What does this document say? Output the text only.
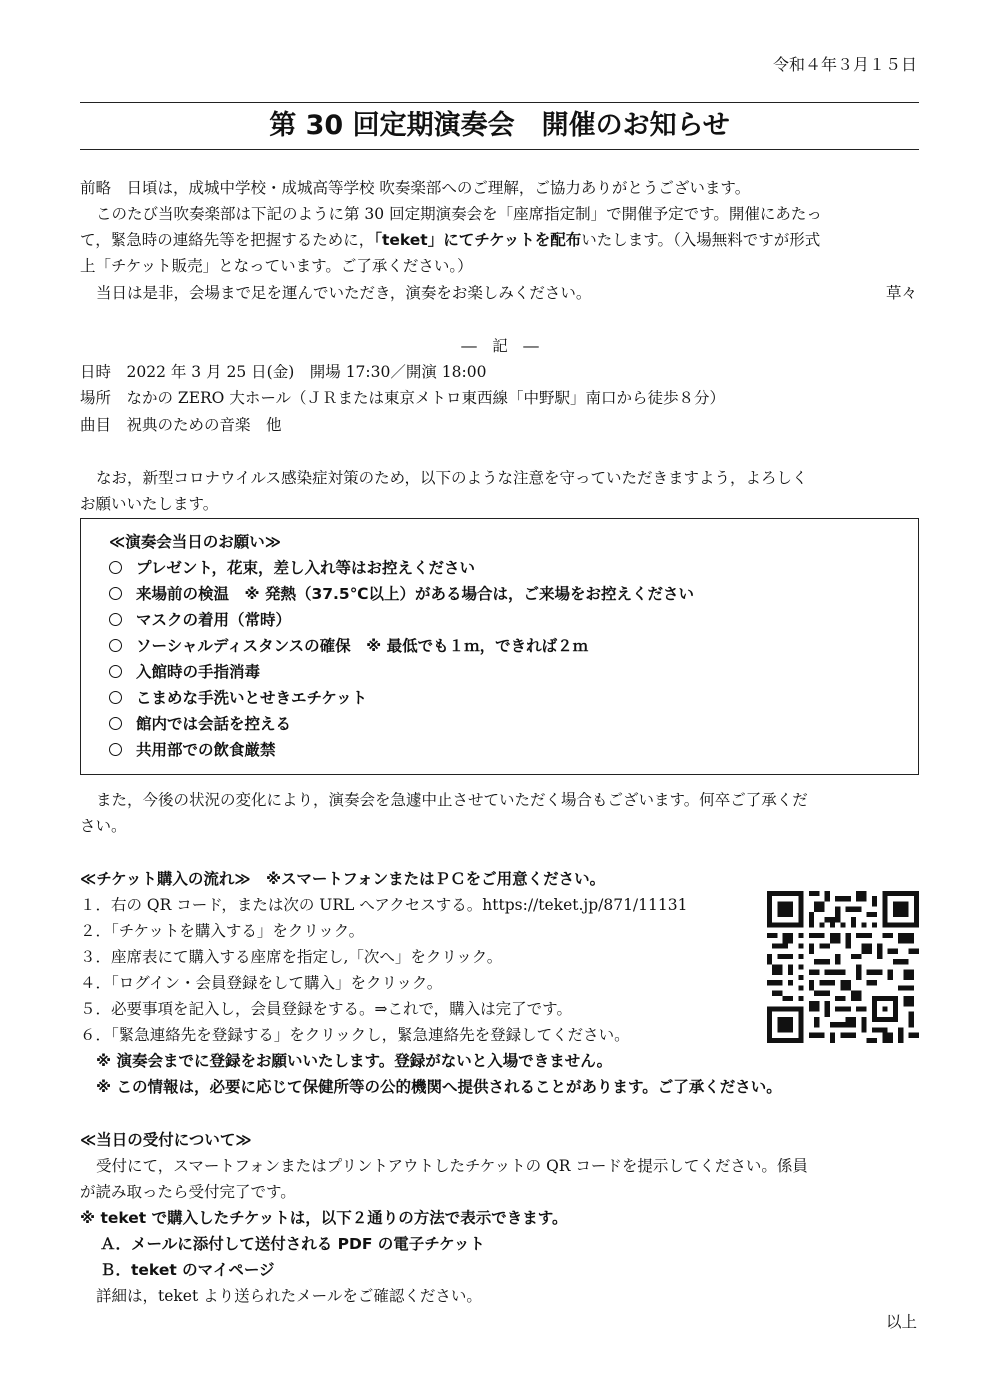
令和４年３月１５日
第 30 回定期演奏会　開催のお知らせ
前略　日頃は，成城中学校・成城高等学校 吹奏楽部へのご理解，ご協力ありがとうございます。
このたび当吹奏楽部は下記のように第 30 回定期演奏会を「座席指定制」で開催予定です。開催にあたっ
て，緊急時の連絡先等を把握するために，「teket」にてチケットを配布いたします。（入場無料ですが形式
上「チケット販売」となっています。ご了承ください。）
当日は是非，会場まで足を運んでいただき，演奏をお楽しみください。	草々
―　記　―
日時　2022 年 3 月 25 日(金)　開場 17:30／開演 18:00
場所　なかの ZERO 大ホール（ＪＲまたは東京メトロ東西線「中野駅」南口から徒歩８分）
曲目　祝典のための音楽　他
なお，新型コロナウイルス感染症対策のため，以下のような注意を守っていただきますよう，よろしく
お願いいたします。
≪演奏会当日のお願い≫
プレゼント，花束，差し入れ等はお控えください
来場前の検温　※ 発熱（37.5℃以上）がある場合は，ご来場をお控えください
マスクの着用（常時）
ソーシャルディスタンスの確保　※ 最低でも１ｍ，できれば２ｍ
入館時の手指消毒
こまめな手洗いとせきエチケット
館内では会話を控える
共用部での飲食厳禁
また，今後の状況の変化により，演奏会を急遽中止させていただく場合もございます。何卒ご了承くだ
さい。
≪チケット購入の流れ≫　※スマートフォンまたはＰＣをご用意ください。
１．右の QR コード，または次の URL へアクセスする。https://teket.jp/871/11131
２．「チケットを購入する」をクリック。
３．座席表にて購入する座席を指定し,「次へ」をクリック。
４．「ログイン・会員登録をして購入」をクリック。
５．必要事項を記入し，会員登録をする。⇒これで，購入は完了です。
６．「緊急連絡先を登録する」をクリックし，緊急連絡先を登録してください。
※ 演奏会までに登録をお願いいたします。登録がないと入場できません。
※ この情報は，必要に応じて保健所等の公的機関へ提供されることがあります。ご了承ください。
≪当日の受付について≫
受付にて，スマートフォンまたはプリントアウトしたチケットの QR コードを提示してください。係員
が読み取ったら受付完了です。
※ teket で購入したチケットは，以下２通りの方法で表示できます。
Ａ．メールに添付して送付される PDF の電子チケット
Ｂ．teket のマイページ
詳細は，teket より送られたメールをご確認ください。
以上
